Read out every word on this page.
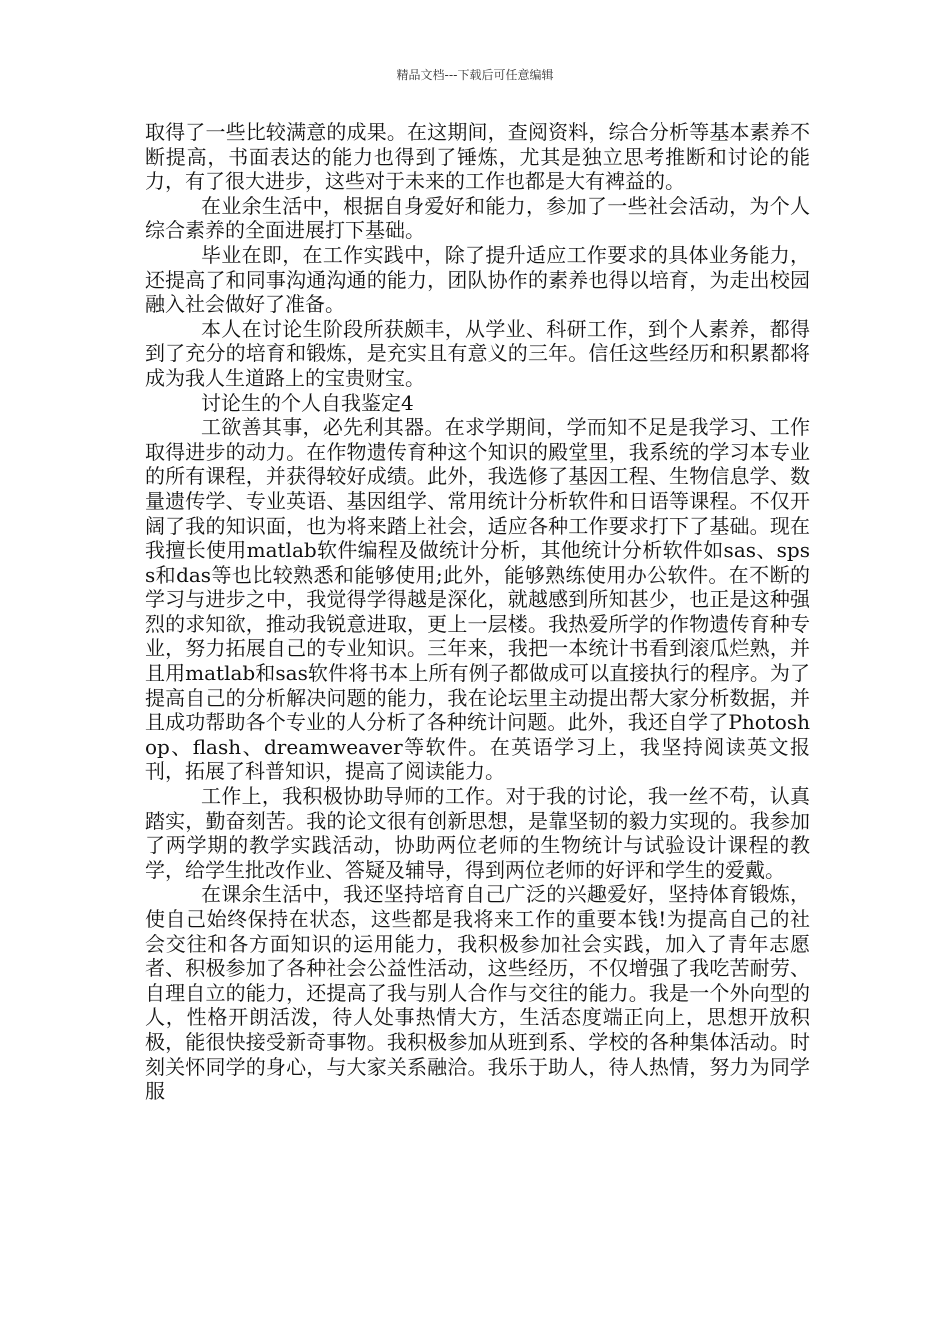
精品文档---下载后可任意编辑

取得了一些比较满意的成果。在这期间，查阅资料，综合分析等基本素养不断提高，书面表达的能力也得到了锤炼，尤其是独立思考推断和讨论的能力，有了很大进步，这些对于未来的工作也都是大有裨益的。

在业余生活中，根据自身爱好和能力，参加了一些社会活动，为个人综合素养的全面进展打下基础。

毕业在即，在工作实践中，除了提升适应工作要求的具体业务能力，还提高了和同事沟通沟通的能力，团队协作的素养也得以培育，为走出校园融入社会做好了准备。

本人在讨论生阶段所获颇丰，从学业、科研工作，到个人素养，都得到了充分的培育和锻炼，是充实且有意义的三年。信任这些经历和积累都将成为我人生道路上的宝贵财宝。

讨论生的个人自我鉴定4

工欲善其事，必先利其器。在求学期间，学而知不足是我学习、工作取得进步的动力。在作物遗传育种这个知识的殿堂里，我系统的学习本专业的所有课程，并获得较好成绩。此外，我选修了基因工程、生物信息学、数量遗传学、专业英语、基因组学、常用统计分析软件和日语等课程。不仅开阔了我的知识面，也为将来踏上社会，适应各种工作要求打下了基础。现在我擅长使用matlab软件编程及做统计分析，其他统计分析软件如sas、spss和das等也比较熟悉和能够使用;此外，能够熟练使用办公软件。在不断的学习与进步之中，我觉得学得越是深化，就越感到所知甚少，也正是这种强烈的求知欲，推动我锐意进取，更上一层楼。我热爱所学的作物遗传育种专业，努力拓展自己的专业知识。三年来，我把一本统计书看到滚瓜烂熟，并且用matlab和sas软件将书本上所有例子都做成可以直接执行的程序。为了提高自己的分析解决问题的能力，我在论坛里主动提出帮大家分析数据，并且成功帮助各个专业的人分析了各种统计问题。此外，我还自学了Photoshop、flash、dreamweaver等软件。在英语学习上，我坚持阅读英文报刊，拓展了科普知识，提高了阅读能力。

工作上，我积极协助导师的工作。对于我的讨论，我一丝不苟，认真踏实，勤奋刻苦。我的论文很有创新思想，是靠坚韧的毅力实现的。我参加了两学期的教学实践活动，协助两位老师的生物统计与试验设计课程的教学，给学生批改作业、答疑及辅导，得到两位老师的好评和学生的爱戴。

在课余生活中，我还坚持培育自己广泛的兴趣爱好，坚持体育锻炼，使自己始终保持在状态，这些都是我将来工作的重要本钱!为提高自己的社会交往和各方面知识的运用能力，我积极参加社会实践，加入了青年志愿者、积极参加了各种社会公益性活动，这些经历，不仅增强了我吃苦耐劳、自理自立的能力，还提高了我与别人合作与交往的能力。我是一个外向型的人，性格开朗活泼，待人处事热情大方，生活态度端正向上，思想开放积极，能很快接受新奇事物。我积极参加从班到系、学校的各种集体活动。时刻关怀同学的身心，与大家关系融洽。我乐于助人，待人热情，努力为同学服
